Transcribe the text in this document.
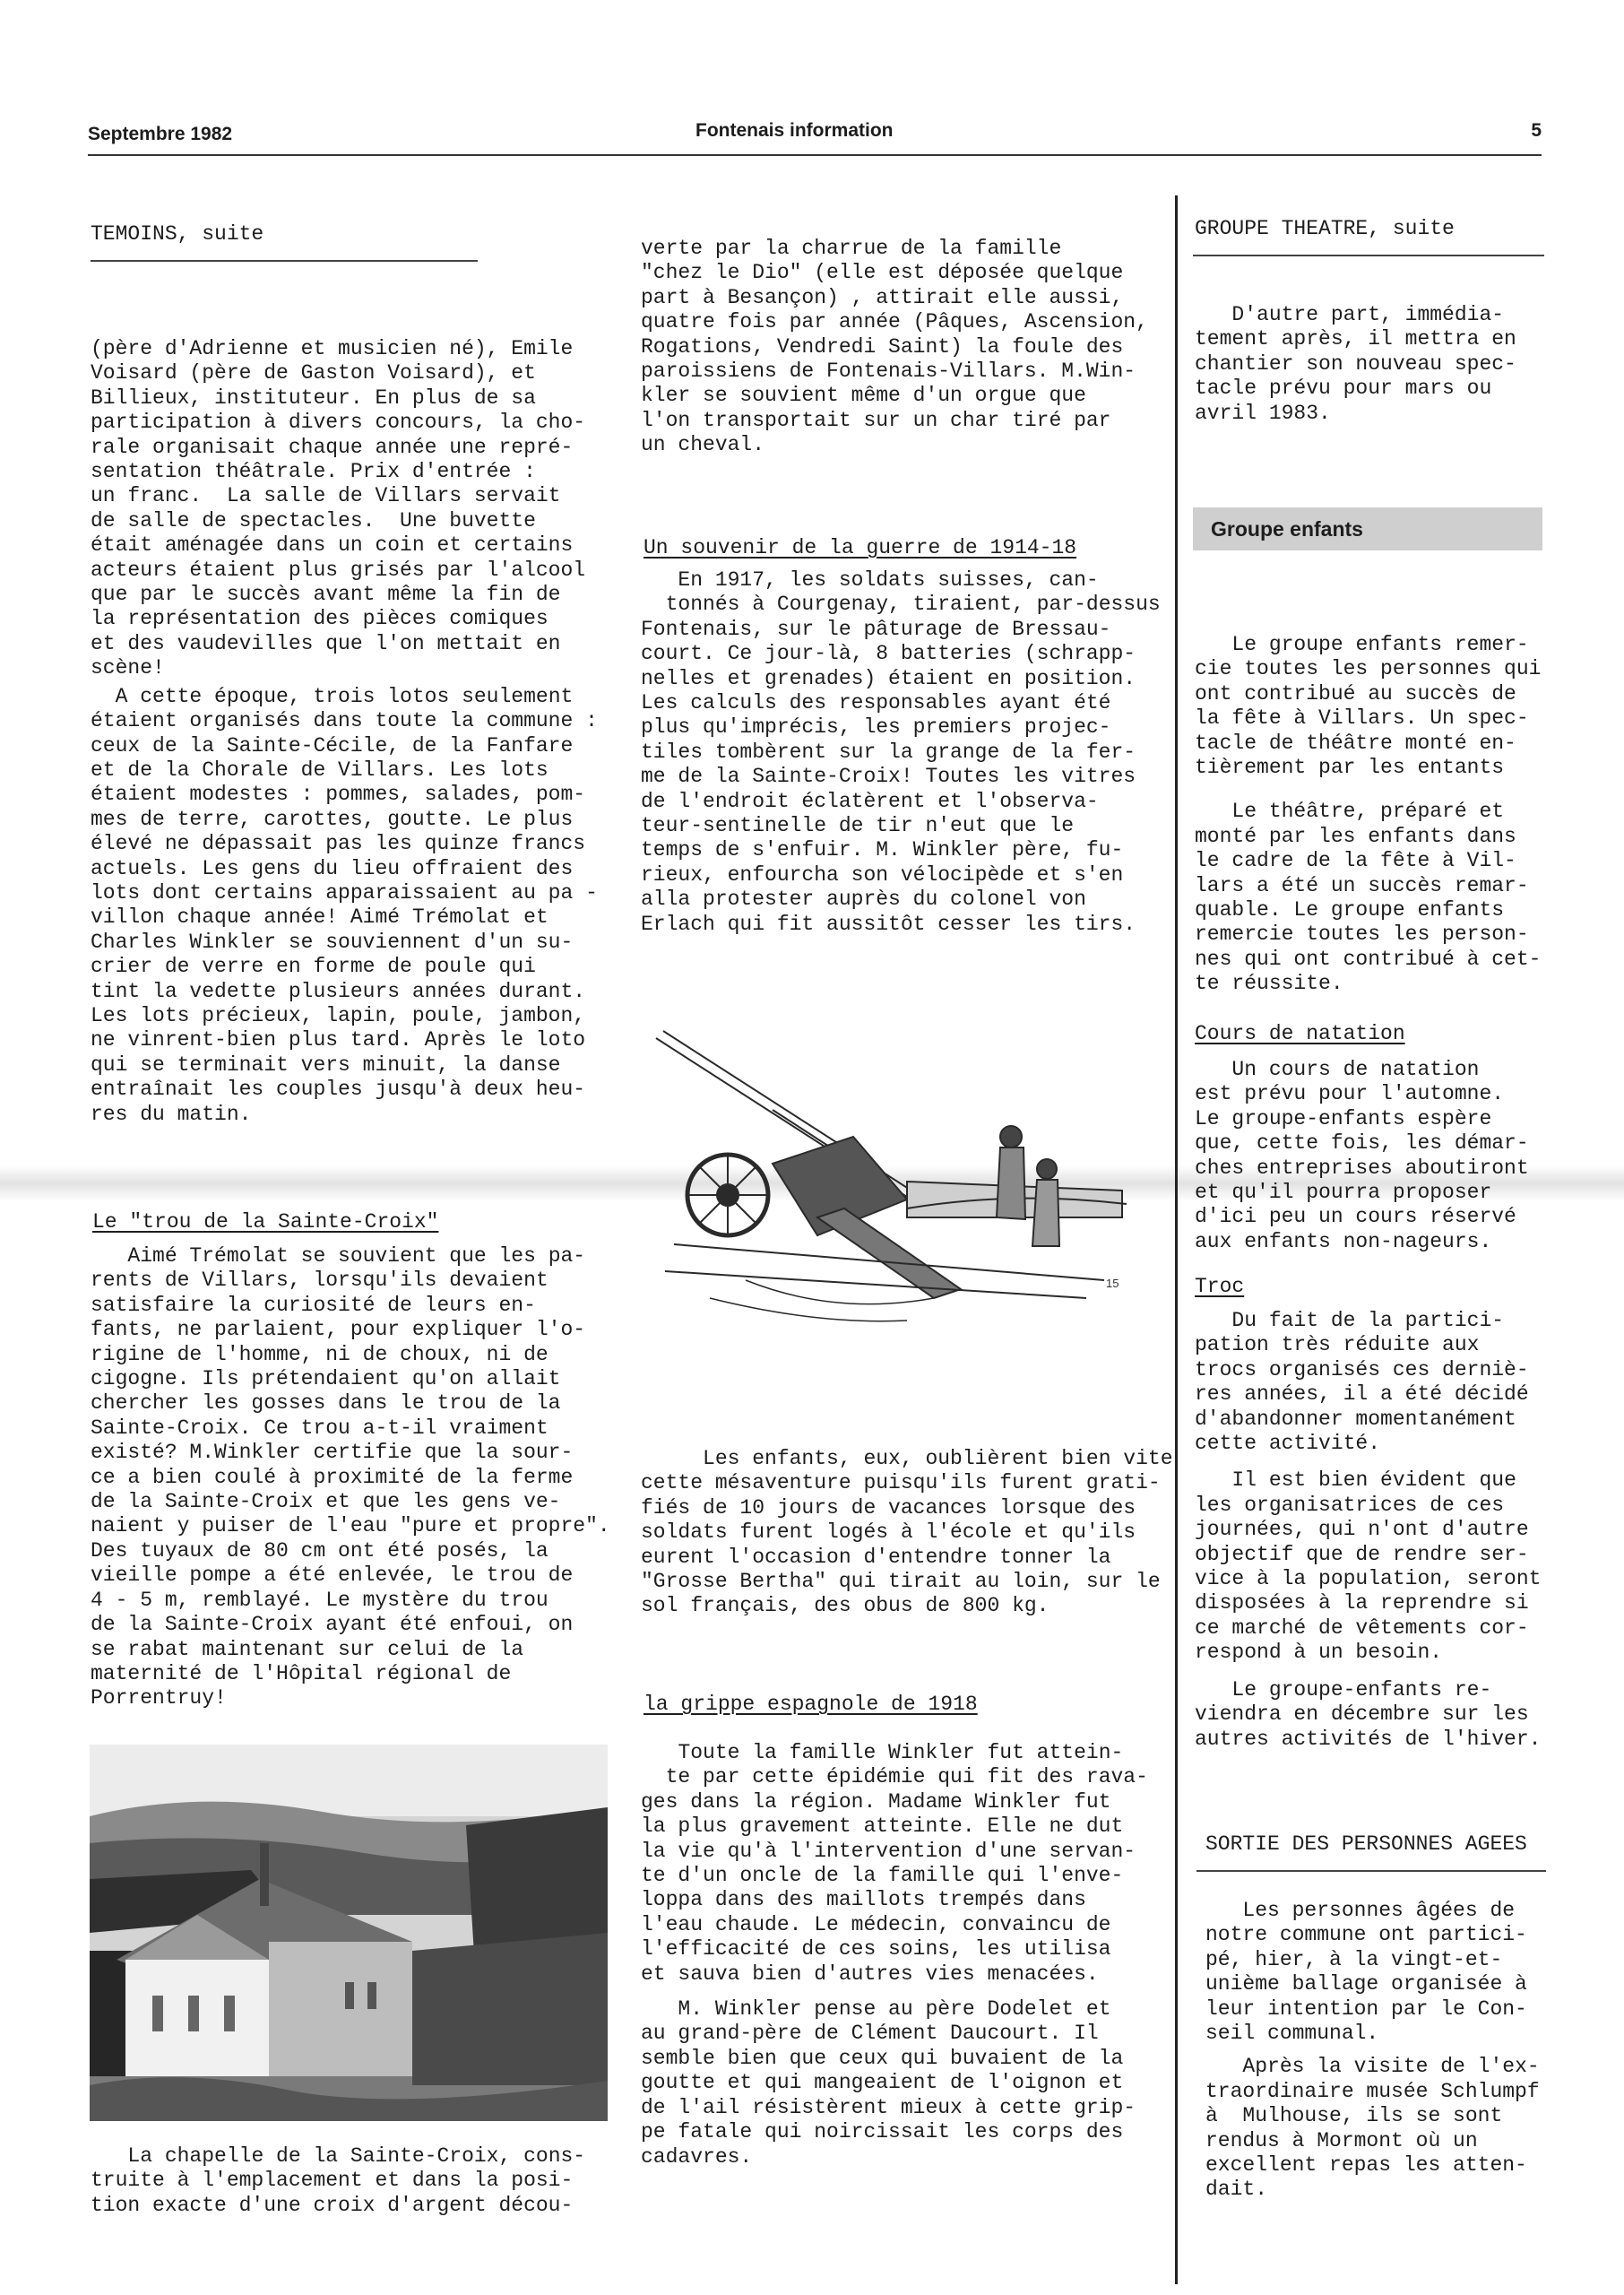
Septembre 1982	Fontenais information	5
TEMOINS, suite

(père d'Adrienne et musicien né), Emile
Voisard (père de Gaston Voisard), et
Billieux, instituteur. En plus de sa
participation à divers concours, la cho-
rale organisait chaque année une repré-
sentation théâtrale. Prix d'entrée :
un franc.  La salle de Villars servait
de salle de spectacles.  Une buvette
était aménagée dans un coin et certains
acteurs étaient plus grisés par l'alcool
que par le succès avant même la fin de
la représentation des pièces comiques
et des vaudevilles que l'on mettait en
scène!

A cette époque, trois lotos seulement
étaient organisés dans toute la commune :
ceux de la Sainte-Cécile, de la Fanfare
et de la Chorale de Villars. Les lots
étaient modestes : pommes, salades, pom-
mes de terre, carottes, goutte. Le plus
élevé ne dépassait pas les quinze francs
actuels. Les gens du lieu offraient des
lots dont certains apparaissaient au pa -
villon chaque année! Aimé Trémolat et
Charles Winkler se souviennent d'un su-
crier de verre en forme de poule qui
tint la vedette plusieurs années durant.
Les lots précieux, lapin, poule, jambon,
ne vinrent-bien plus tard. Après le loto
qui se terminait vers minuit, la danse
entraînait les couples jusqu'à deux heu-
res du matin.

Le "trou de la Sainte-Croix"

Aimé Trémolat se souvient que les pa-
rents de Villars, lorsqu'ils devaient
satisfaire la curiosité de leurs en-
fants, ne parlaient, pour expliquer l'o-
rigine de l'homme, ni de choux, ni de
cigogne. Ils prétendaient qu'on allait
chercher les gosses dans le trou de la
Sainte-Croix. Ce trou a-t-il vraiment
existé? M.Winkler certifie que la sour-
ce a bien coulé à proximité de la ferme
de la Sainte-Croix et que les gens ve-
naient y puiser de l'eau "pure et propre".
Des tuyaux de 80 cm ont été posés, la
vieille pompe a été enlevée, le trou de
4 - 5 m, remblayé. Le mystère du trou
de la Sainte-Croix ayant été enfoui, on
se rabat maintenant sur celui de la
maternité de l'Hôpital régional de
Porrentruy!

La chapelle de la Sainte-Croix, cons-
truite à l'emplacement et dans la posi-
tion exacte d'une croix d'argent décou-

verte par la charrue de la famille
"chez le Dio" (elle est déposée quelque
part à Besançon) , attirait elle aussi,
quatre fois par année (Pâques, Ascension,
Rogations, Vendredi Saint) la foule des
paroissiens de Fontenais-Villars. M.Win-
kler se souvient même d'un orgue que
l'on transportait sur un char tiré par
un cheval.

Un souvenir de la guerre de 1914-18

En 1917, les soldats suisses, can-
tonnés à Courgenay, tiraient, par-dessus
Fontenais, sur le pâturage de Bressau-
court. Ce jour-là, 8 batteries (schrapp-
nelles et grenades) étaient en position.
Les calculs des responsables ayant été
plus qu'imprécis, les premiers projec-
tiles tombèrent sur la grange de la fer-
me de la Sainte-Croix! Toutes les vitres
de l'endroit éclatèrent et l'observa-
teur-sentinelle de tir n'eut que le
temps de s'enfuir. M. Winkler père, fu-
rieux, enfourcha son vélocipède et s'en
alla protester auprès du colonel von
Erlach qui fit aussitôt cesser les tirs.

15

Les enfants, eux, oublièrent bien vite
cette mésaventure puisqu'ils furent grati-
fiés de 10 jours de vacances lorsque des
soldats furent logés à l'école et qu'ils
eurent l'occasion d'entendre tonner la
"Grosse Bertha" qui tirait au loin, sur le
sol français, des obus de 800 kg.

la grippe espagnole de 1918

Toute la famille Winkler fut attein-
te par cette épidémie qui fit des rava-
ges dans la région. Madame Winkler fut
la plus gravement atteinte. Elle ne dut
la vie qu'à l'intervention d'une servan-
te d'un oncle de la famille qui l'enve-
loppa dans des maillots trempés dans
l'eau chaude. Le médecin, convaincu de
l'efficacité de ces soins, les utilisa
et sauva bien d'autres vies menacées.

M. Winkler pense au père Dodelet et
au grand-père de Clément Daucourt. Il
semble bien que ceux qui buvaient de la
goutte et qui mangeaient de l'oignon et
de l'ail résistèrent mieux à cette grip-
pe fatale qui noircissait les corps des
cadavres.

GROUPE THEATRE, suite

D'autre part, immédia-
tement après, il mettra en
chantier son nouveau spec-
tacle prévu pour mars ou
avril 1983.

Groupe enfants

Le groupe enfants remer-
cie toutes les personnes qui
ont contribué au succès de
la fête à Villars. Un spec-
tacle de théâtre monté en-
tièrement par les entants

Le théâtre, préparé et
monté par les enfants dans
le cadre de la fête à Vil-
lars a été un succès remar-
quable. Le groupe enfants
remercie toutes les person-
nes qui ont contribué à cet-
te réussite.

Cours de natation

Un cours de natation
est prévu pour l'automne.
Le groupe-enfants espère
que, cette fois, les démar-
ches entreprises aboutiront
et qu'il pourra proposer
d'ici peu un cours réservé
aux enfants non-nageurs.

Troc

Du fait de la partici-
pation très réduite aux
trocs organisés ces derniè-
res années, il a été décidé
d'abandonner momentanément
cette activité.

Il est bien évident que
les organisatrices de ces
journées, qui n'ont d'autre
objectif que de rendre ser-
vice à la population, seront
disposées à la reprendre si
ce marché de vêtements cor-
respond à un besoin.

Le groupe-enfants re-
viendra en décembre sur les
autres activités de l'hiver.

SORTIE DES PERSONNES AGEES

Les personnes âgées de
notre commune ont partici-
pé, hier, à la vingt-et-
unième ballage organisée à
leur intention par le Con-
seil communal.

Après la visite de l'ex-
traordinaire musée Schlumpf
à  Mulhouse, ils se sont
rendus à Mormont où un
excellent repas les atten-
dait.
